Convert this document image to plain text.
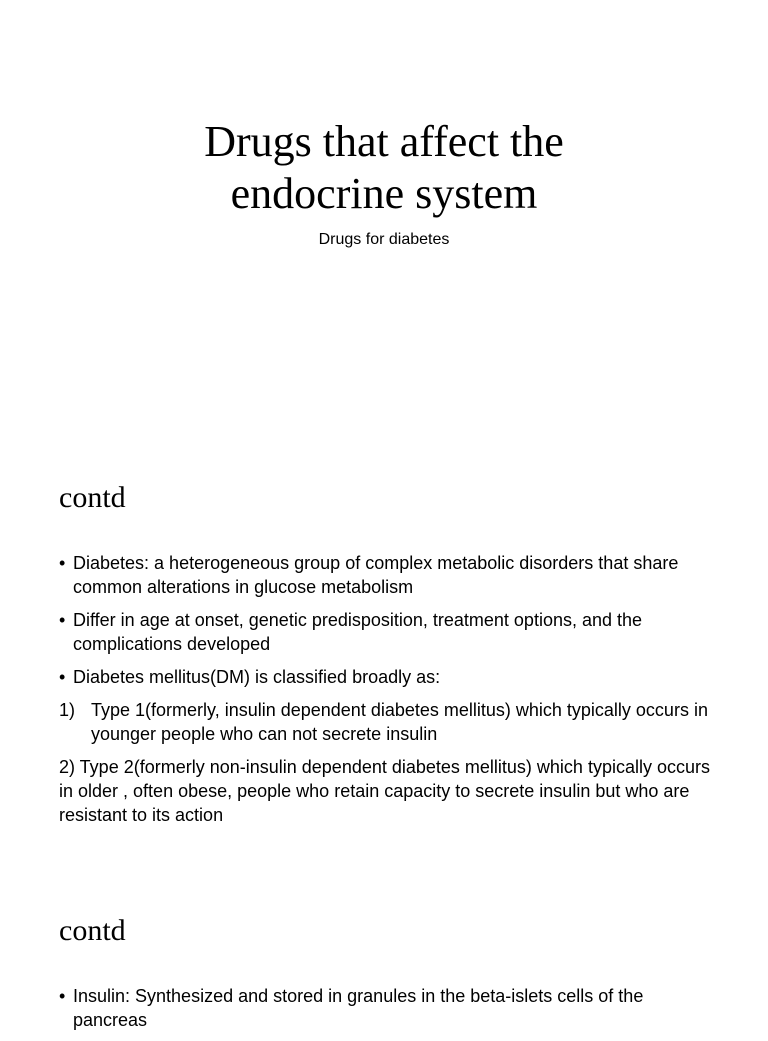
Drugs that affect the
endocrine system
Drugs for diabetes
contd
• Diabetes: a heterogeneous group of complex metabolic disorders that share common alterations in glucose metabolism
• Differ in age at onset, genetic predisposition, treatment options, and the complications developed
• Diabetes mellitus(DM) is classified broadly as:
1) Type 1(formerly, insulin dependent diabetes mellitus) which typically occurs in younger people who can not secrete insulin
2) Type 2(formerly non-insulin dependent diabetes mellitus) which typically occurs in older , often obese, people who retain capacity to secrete insulin but who are resistant to its action
contd
• Insulin: Synthesized and stored in granules in the beta-islets cells of the pancreas
